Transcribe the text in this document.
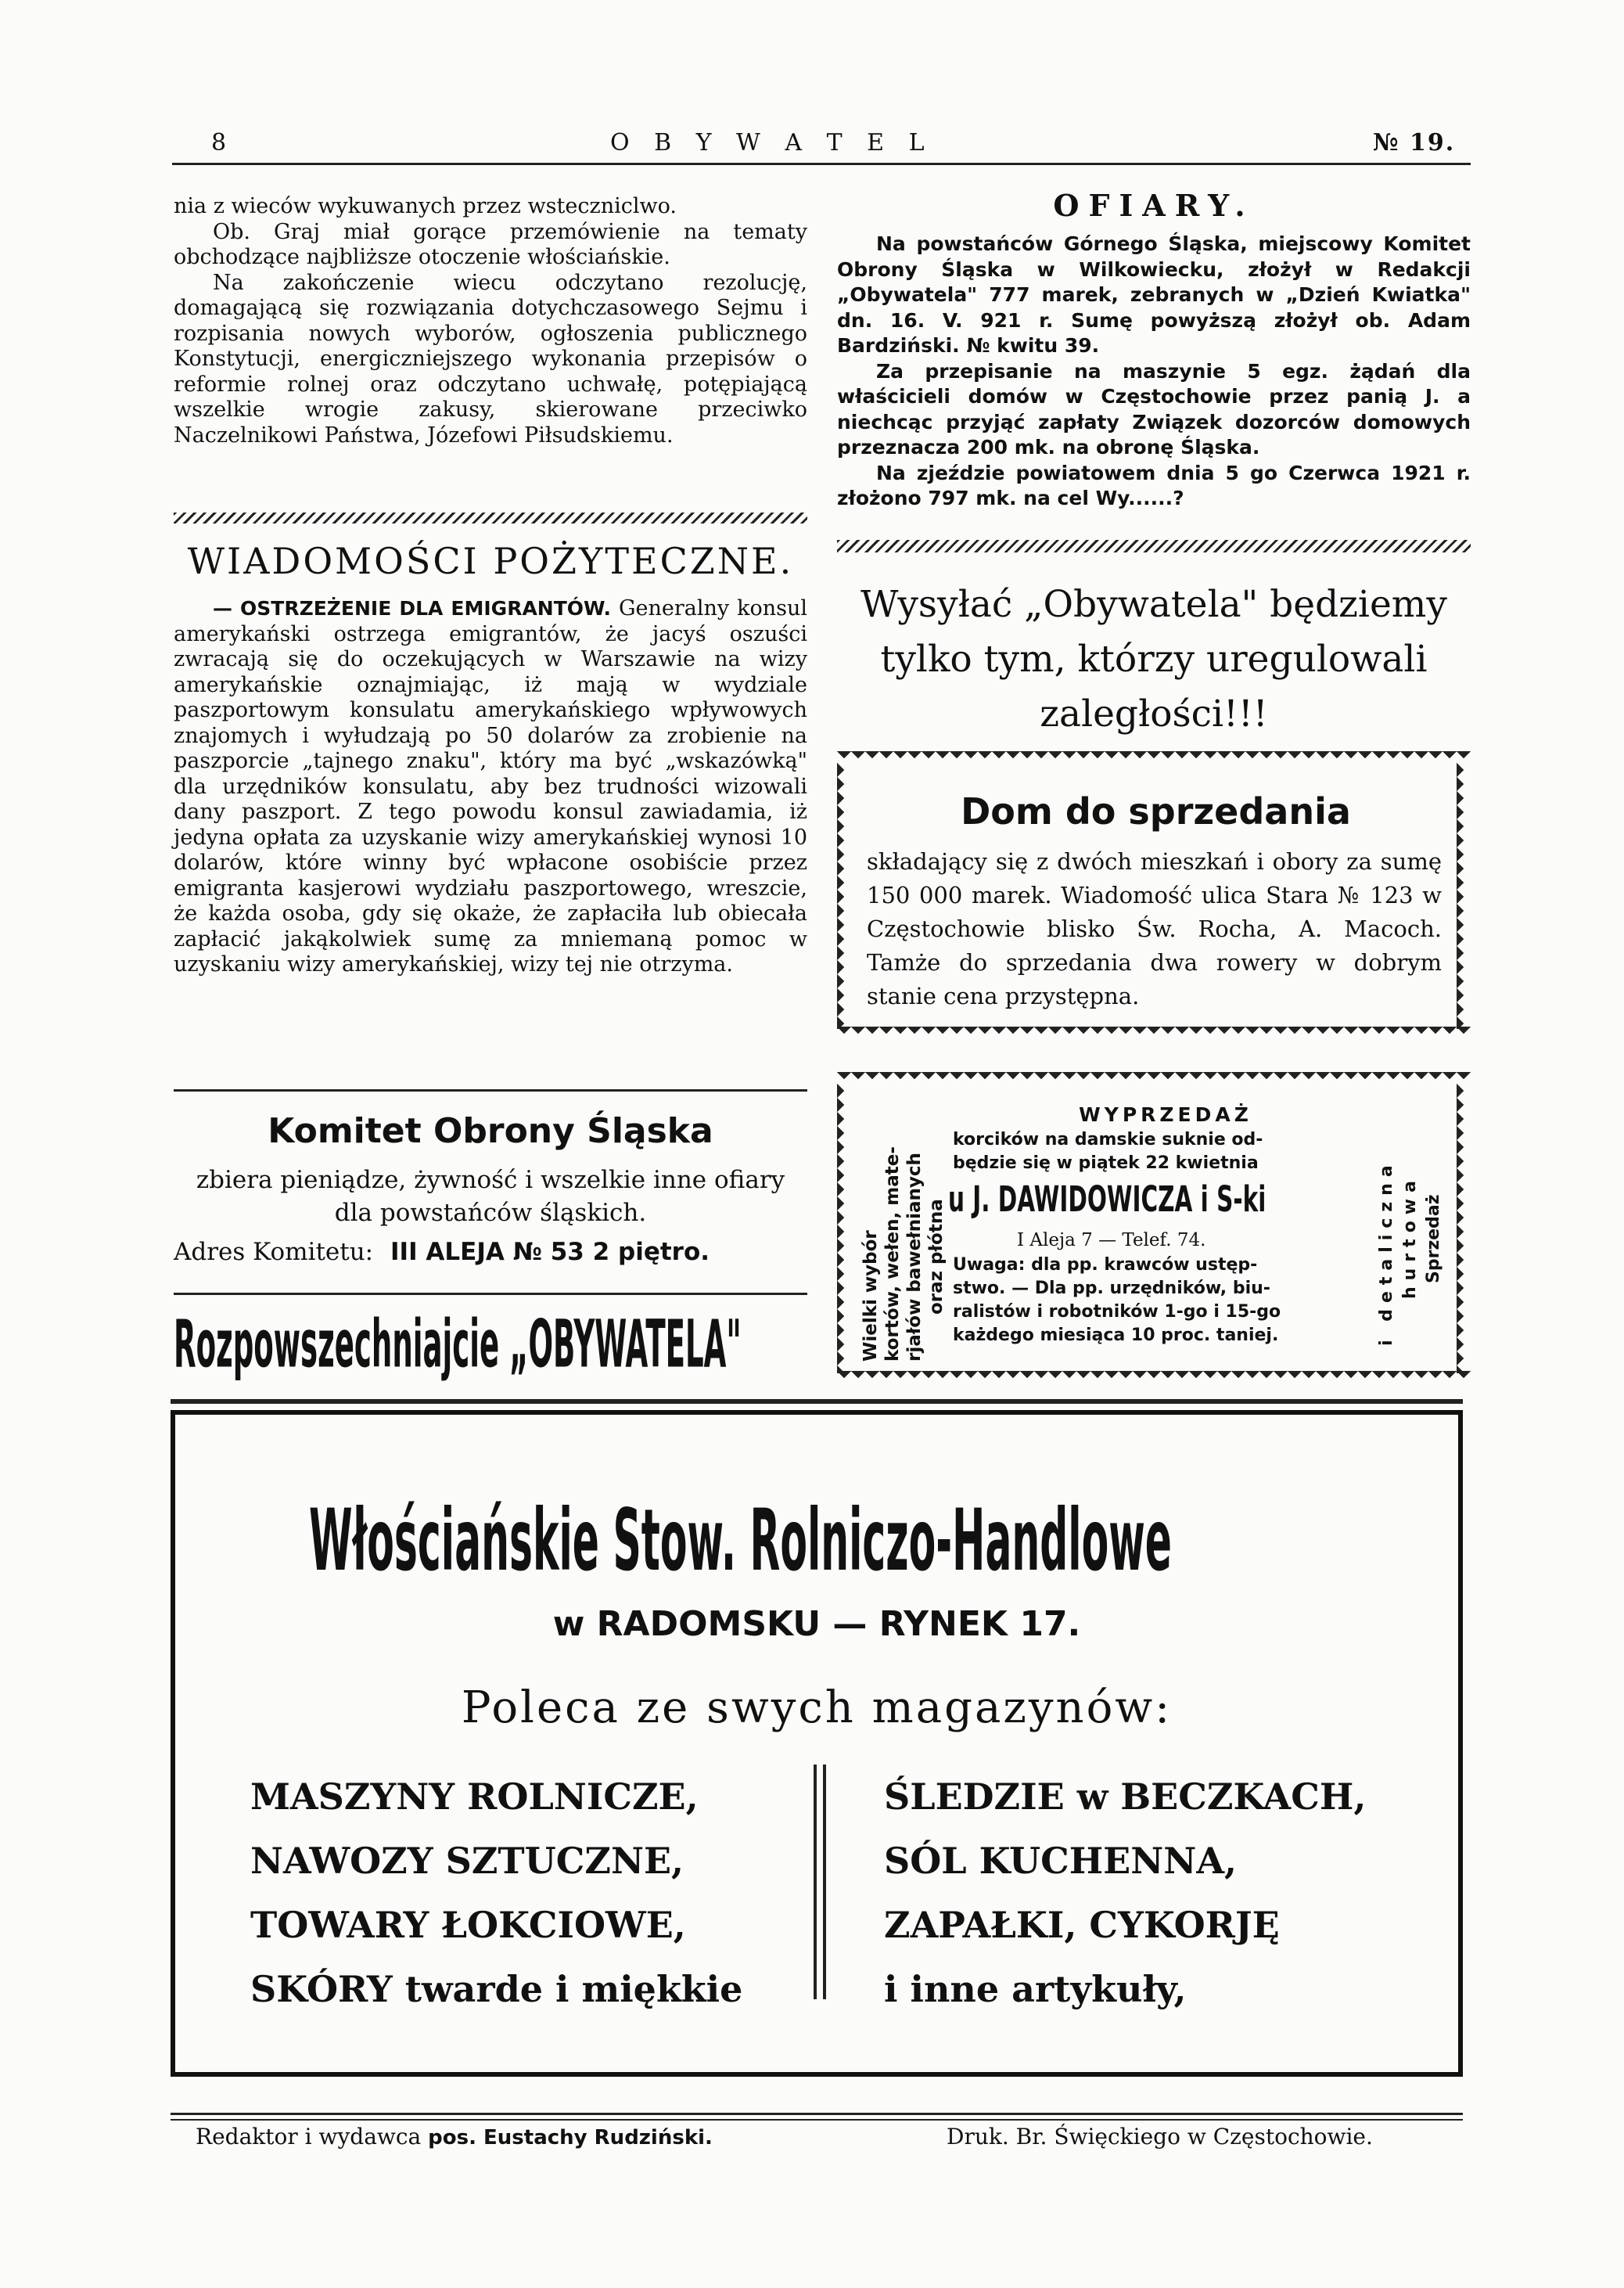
8	O B Y W A T E L	№ 19.

nia z wieców wykuwanych przez wsteczniclwo.

Ob. Graj miał gorące przemówienie na tematy obchodzące najbliższe otoczenie włościańskie.

Na zakończenie wiecu odczytano rezolucję, domagającą się rozwiązania dotychczasowego Sejmu i rozpisania nowych wyborów, ogłoszenia publicznego Konstytucji, energiczniejszego wykonania przepisów o reformie rolnej oraz odczytano uchwałę, potępiającą wszelkie wrogie zakusy, skierowane przeciwko Naczelnikowi Państwa, Józefowi Piłsudskiemu.

WIADOMOŚCI POŻYTECZNE.

— OSTRZEŻENIE DLA EMIGRANTÓW. Generalny konsul amerykański ostrzega emigrantów, że jacyś oszuści zwracają się do oczekujących w Warszawie na wizy amerykańskie oznajmiając, iż mają w wydziale paszportowym konsulatu amerykańskiego wpływowych znajomych i wyłudzają po 50 dolarów za zrobienie na paszporcie „tajnego znaku", który ma być „wskazówką" dla urzędników konsulatu, aby bez trudności wizowali dany paszport. Z tego powodu konsul zawiadamia, iż jedyna opłata za uzyskanie wizy amerykańskiej wynosi 10 dolarów, które winny być wpłacone osobiście przez emigranta kasjerowi wydziału paszportowego, wreszcie, że każda osoba, gdy się okaże, że zapłaciła lub obiecała zapłacić jakąkolwiek sumę za mniemaną pomoc w uzyskaniu wizy amerykańskiej, wizy tej nie otrzyma.

Komitet Obrony Śląska
zbiera pieniądze, żywność i wszelkie inne ofiary
dla powstańców śląskich.
Adres Komitetu: III ALEJA № 53 2 piętro.
Rozpowszechniajcie „OBYWATELA"
OFIARY.

Na powstańców Górnego Śląska, miejscowy Komitet Obrony Śląska w Wilkowiecku, złożył w Redakcji „Obywatela" 777 marek, zebranych w „Dzień Kwiatka" dn. 16. V. 921 r. Sumę powyższą złożył ob. Adam Bardziński. № kwitu 39.

Za przepisanie na maszynie 5 egz. żądań dla właścicieli domów w Częstochowie przez panią J. a niechcąc przyjąć zapłaty Związek dozorców domowych przeznacza 200 mk. na obronę Śląska.

Na zjeździe powiatowem dnia 5 go Czerwca 1921 r. złożono 797 mk. na cel Wy......?

Wysyłać „Obywatela" będziemy tylko tym, którzy uregulowali zaległości!!!
Dom do sprzedania
składający się z dwóch mieszkań i obory za sumę 150 000 marek. Wiadomość ulica Stara № 123 w Częstochowie blisko Św. Rocha, A. Macoch. Tamże do sprzedania dwa rowery w dobrym stanie cena przystępna.
Wielki wybór kortów, wełen, mate- rjałów bawełnianych oraz płótna
WYPRZEDAŻ
korcików na damskie suknie od-
będzie się w piątek 22 kwietnia
u J. DAWIDOWICZA i S-ki
I Aleja 7 — Telef. 74.
Uwaga: dla pp. krawców ustęp-
stwo. — Dla pp. urzędników, biu-
ralistów i robotników 1-go i 15-go
każdego miesiąca 10 proc. taniej.
Sprzedaż
hurtowa
i detaliczna
Włościańskie Stow. Rolniczo-Handlowe
w RADOMSKU — RYNEK 17.
Poleca ze swych magazynów:
MASZYNY ROLNICZE,
NAWOZY SZTUCZNE,
TOWARY ŁOKCIOWE,
SKÓRY twarde i miękkie
ŚLEDZIE w BECZKACH,
SÓL KUCHENNA,
ZAPAŁKI, CYKORJĘ
i inne artykuły,
Redaktor i wydawca pos. Eustachy Rudziński.	Druk. Br. Święckiego w Częstochowie.
